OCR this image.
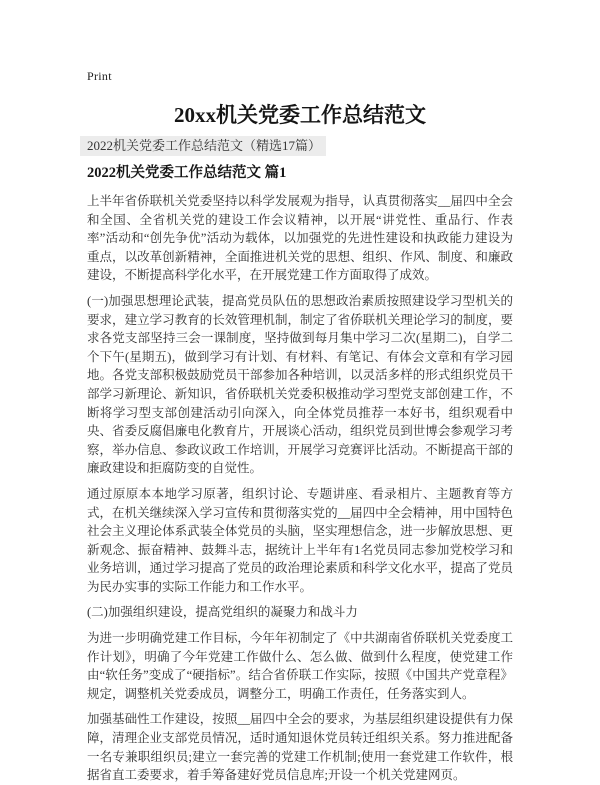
Print
20xx机关党委工作总结范文
2022机关党委工作总结范文（精选17篇）
2022机关党委工作总结范文 篇1

上半年省侨联机关党委坚持以科学发展观为指导，认真贯彻落实__届四中全会和全国、全省机关党的建设工作会议精神，以开展“讲党性、重品行、作表率”活动和“创先争优”活动为载体，以加强党的先进性建设和执政能力建设为重点，以改革创新精神，全面推进机关党的思想、组织、作风、制度、和廉政建设，不断提高科学化水平，在开展党建工作方面取得了成效。

(一)加强思想理论武装，提高党员队伍的思想政治素质按照建设学习型机关的要求，建立学习教育的长效管理机制，制定了省侨联机关理论学习的制度，要求各党支部坚持三会一课制度，坚持做到每月集中学习二次(星期二)，自学二个下午(星期五)，做到学习有计划、有材料、有笔记、有体会文章和有学习园地。各党支部积极鼓励党员干部参加各种培训，以灵活多样的形式组织党员干部学习新理论、新知识，省侨联机关党委积极推动学习型党支部创建工作，不断将学习型支部创建活动引向深入，向全体党员推荐一本好书，组织观看中央、省委反腐倡廉电化教育片，开展谈心活动，组织党员到世博会参观学习考察，举办信息、参政议政工作培训，开展学习竞赛评比活动。不断提高干部的廉政建设和拒腐防变的自觉性。

通过原原本本地学习原著，组织讨论、专题讲座、看录相片、主题教育等方式，在机关继续深入学习宣传和贯彻落实党的__届四中全会精神，用中国特色社会主义理论体系武装全体党员的头脑，坚实理想信念，进一步解放思想、更新观念、振奋精神、鼓舞斗志，据统计上半年有1名党员同志参加党校学习和业务培训，通过学习提高了党员的政治理论素质和科学文化水平，提高了党员为民办实事的实际工作能力和工作水平。

(二)加强组织建设，提高党组织的凝聚力和战斗力

为进一步明确党建工作目标，今年年初制定了《中共湖南省侨联机关党委度工作计划》，明确了今年党建工作做什么、怎么做、做到什么程度，使党建工作由“软任务”变成了“硬指标”。结合省侨联工作实际，按照《中国共产党章程》规定，调整机关党委成员，调整分工，明确工作责任，任务落实到人。

加强基础性工作建设，按照__届四中全会的要求，为基层组织建设提供有力保障，清理企业支部党员情况，适时通知退休党员转迁组织关系。努力推进配备一名专兼职组织员;建立一套完善的党建工作机制;使用一套党建工作软件，根据省直工委要求，着手筹备建好党员信息库;开设一个机关党建网页。
